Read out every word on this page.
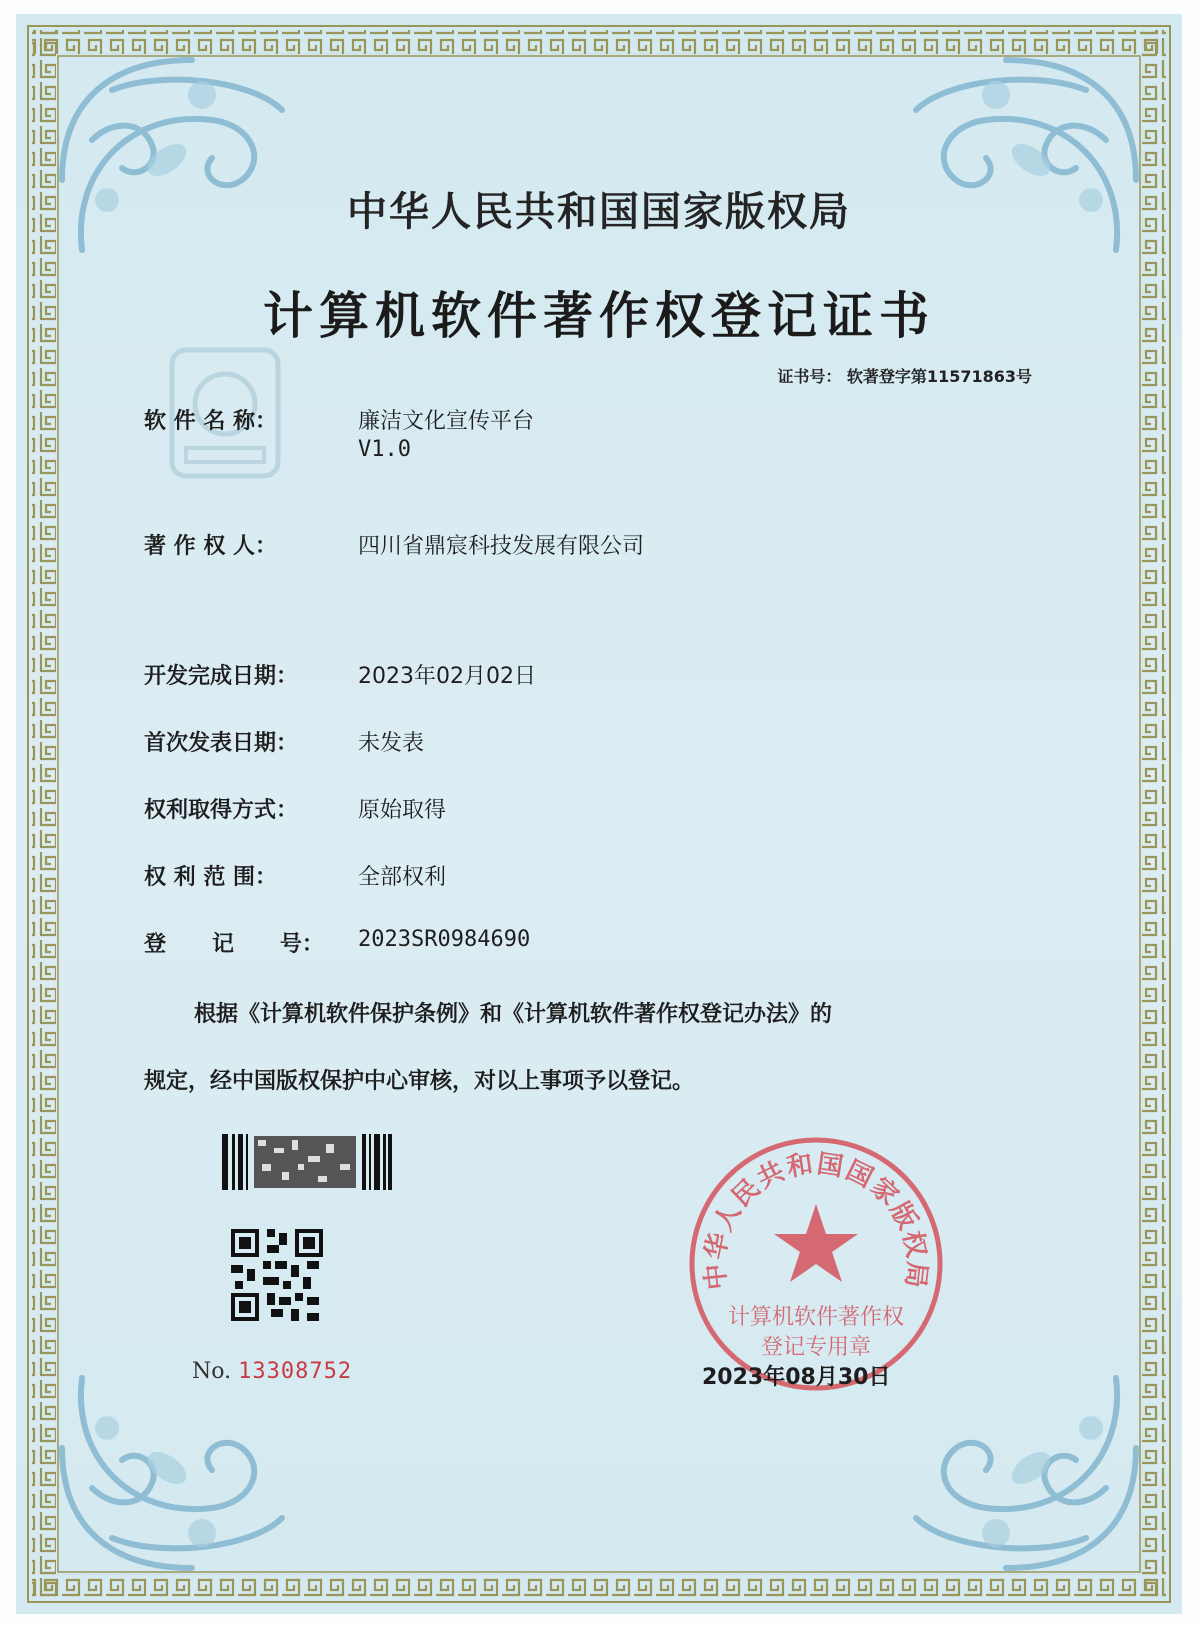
中华人民共和国国家版权局
计算机软件著作权登记证书
证书号： 软著登字第11571863号
软 件 名 称：	廉洁文化宣传平台
V1.0
著 作 权 人：	四川省鼎宸科技发展有限公司
开发完成日期：	2023年02月02日
首次发表日期：	未发表
权利取得方式：	原始取得
权 利 范 围：	全部权利
登      记      号： 2023SR0984690
根据《计算机软件保护条例》和《计算机软件著作权登记办法》的
规定，经中国版权保护中心审核，对以上事项予以登记。
No. 13308752
中华人民共和国国家版权局
计算机软件著作权
登记专用章
2023年08月30日
